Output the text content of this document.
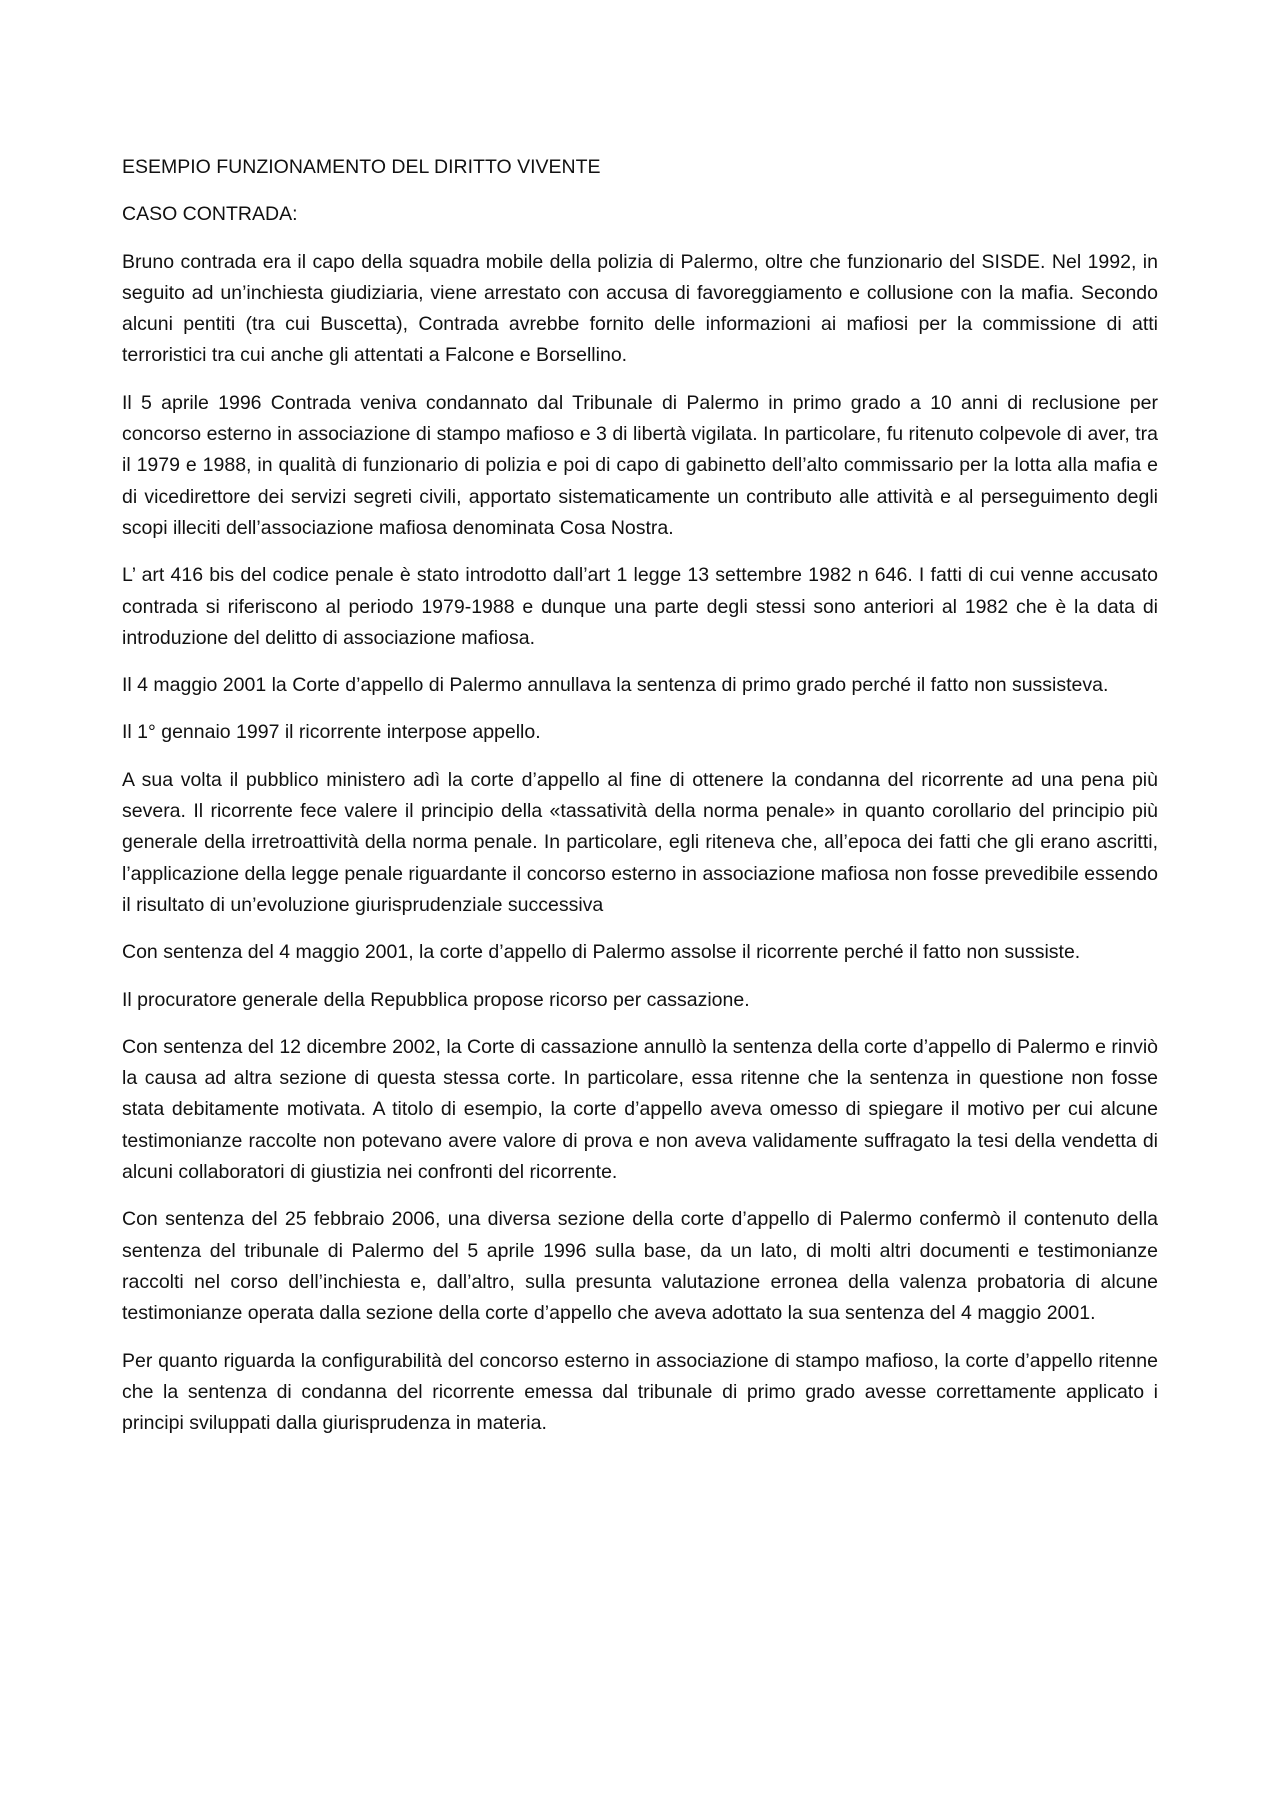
ESEMPIO FUNZIONAMENTO DEL DIRITTO VIVENTE

CASO CONTRADA:

Bruno contrada era il capo della squadra mobile della polizia di Palermo, oltre che funzionario del SISDE. Nel 1992, in seguito ad un’inchiesta giudiziaria, viene arrestato con accusa di favoreggiamento e collusione con la mafia. Secondo alcuni pentiti (tra cui Buscetta), Contrada avrebbe fornito delle informazioni ai mafiosi per la commissione di atti terroristici tra cui anche gli attentati a Falcone e Borsellino.

Il 5 aprile 1996 Contrada veniva condannato dal Tribunale di Palermo in primo grado a 10 anni di reclusione per concorso esterno in associazione di stampo mafioso e 3 di libertà vigilata. In particolare, fu ritenuto colpevole di aver, tra il 1979 e 1988, in qualità di funzionario di polizia e poi di capo di gabinetto dell’alto commissario per la lotta alla mafia e di vicedirettore dei servizi segreti civili, apportato sistematicamente un contributo alle attività e al perseguimento degli scopi illeciti dell’associazione mafiosa denominata Cosa Nostra.

L’ art 416 bis del codice penale è stato introdotto dall’art 1 legge 13 settembre 1982 n 646. I fatti di cui venne accusato contrada si riferiscono al periodo 1979-1988 e dunque una parte degli stessi sono anteriori al 1982 che è la data di introduzione del delitto di associazione mafiosa.

Il 4 maggio 2001 la Corte d’appello di Palermo annullava la sentenza di primo grado perché il fatto non sussisteva.

Il 1° gennaio 1997 il ricorrente interpose appello.

A sua volta il pubblico ministero adì la corte d’appello al fine di ottenere la condanna del ricorrente ad una pena più severa. Il ricorrente fece valere il principio della «tassatività della norma penale» in quanto corollario del principio più generale della irretroattività della norma penale. In particolare, egli riteneva che, all’epoca dei fatti che gli erano ascritti, l’applicazione della legge penale riguardante il concorso esterno in associazione mafiosa non fosse prevedibile essendo il risultato di un’evoluzione giurisprudenziale successiva

Con sentenza del 4 maggio 2001, la corte d’appello di Palermo assolse il ricorrente perché il fatto non sussiste.

Il procuratore generale della Repubblica propose ricorso per cassazione.

Con sentenza del 12 dicembre 2002, la Corte di cassazione annullò la sentenza della corte d’appello di Palermo e rinviò la causa ad altra sezione di questa stessa corte. In particolare, essa ritenne che la sentenza in questione non fosse stata debitamente motivata. A titolo di esempio, la corte d’appello aveva omesso di spiegare il motivo per cui alcune testimonianze raccolte non potevano avere valore di prova e non aveva validamente suffragato la tesi della vendetta di alcuni collaboratori di giustizia nei confronti del ricorrente.

Con sentenza del 25 febbraio 2006, una diversa sezione della corte d’appello di Palermo confermò il contenuto della sentenza del tribunale di Palermo del 5 aprile 1996 sulla base, da un lato, di molti altri documenti e testimonianze raccolti nel corso dell’inchiesta e, dall’altro, sulla presunta valutazione erronea della valenza probatoria di alcune testimonianze operata dalla sezione della corte d’appello che aveva adottato la sua sentenza del 4 maggio 2001.

Per quanto riguarda la configurabilità del concorso esterno in associazione di stampo mafioso, la corte d’appello ritenne che la sentenza di condanna del ricorrente emessa dal tribunale di primo grado avesse correttamente applicato i principi sviluppati dalla giurisprudenza in materia.
